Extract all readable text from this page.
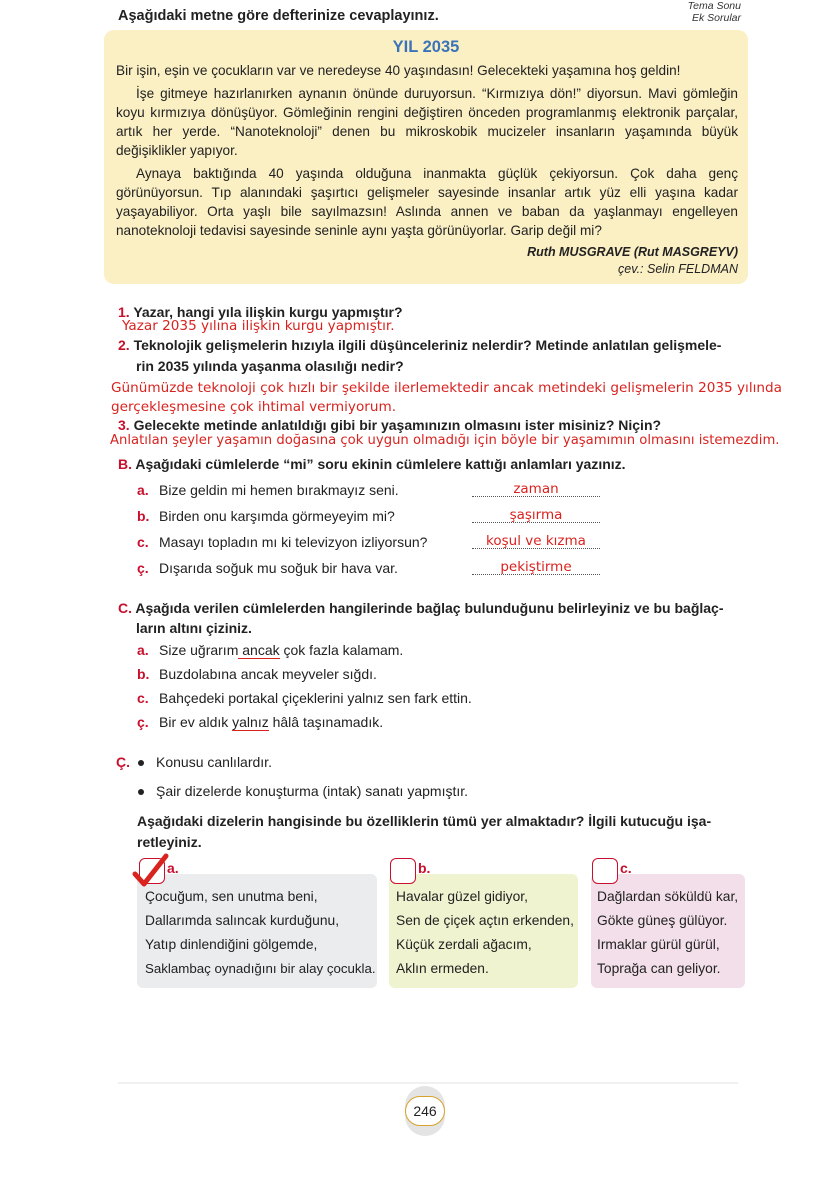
Aşağıdaki metne göre defterinize cevaplayınız.
Tema Sonu
Ek Sorular
YIL 2035
Bir işin, eşin ve çocukların var ve neredeyse 40 yaşındasın! Gelecekteki yaşamına hoş geldin!
İşe gitmeye hazırlanırken aynanın önünde duruyorsun. “Kırmızıya dön!” diyorsun. Mavi gömleğin koyu kırmızıya dönüşüyor. Gömleğinin rengini değiştiren önceden programlanmış elektronik parçalar, artık her yerde. “Nanoteknoloji” denen bu mikroskobik mucizeler insanların yaşamında büyük değişiklikler yapıyor.
Aynaya baktığında 40 yaşında olduğuna inanmakta güçlük çekiyorsun. Çok daha genç görünüyorsun. Tıp alanındaki şaşırtıcı gelişmeler sayesinde insanlar artık yüz elli yaşına kadar yaşayabiliyor. Orta yaşlı bile sayılmazsın! Aslında annen ve baban da yaşlanmayı engelleyen nanoteknoloji tedavisi sayesinde seninle aynı yaşta görünüyorlar. Garip değil mi?
Ruth MUSGRAVE (Rut MASGREYV)
çev.: Selin FELDMAN
1. Yazar, hangi yıla ilişkin kurgu yapmıştır?
Yazar 2035 yılına ilişkin kurgu yapmıştır.
2. Teknolojik gelişmelerin hızıyla ilgili düşünceleriniz nelerdir? Metinde anlatılan gelişmele-
rin 2035 yılında yaşanma olasılığı nedir?
Günümüzde teknoloji çok hızlı bir şekilde ilerlemektedir ancak metindeki gelişmelerin 2035 yılında
gerçekleşmesine çok ihtimal vermiyorum.
3. Gelecekte metinde anlatıldığı gibi bir yaşamınızın olmasını ister misiniz? Niçin?
Anlatılan şeyler yaşamın doğasına çok uygun olmadığı için böyle bir yaşamımın olmasını istemezdim.
B. Aşağıdaki cümlelerde “mi” soru ekinin cümlelere kattığı anlamları yazınız.
a. Bize geldin mi hemen bırakmayız seni.	zaman
b. Birden onu karşımda görmeyeyim mi?	şaşırma
c. Masayı topladın mı ki televizyon izliyorsun?	koşul ve kızma
ç. Dışarıda soğuk mu soğuk bir hava var.	pekiştirme
C. Aşağıda verilen cümlelerden hangilerinde bağlaç bulunduğunu belirleyiniz ve bu bağlaç-
ların altını çiziniz.
a. Size uğrarım ancak çok fazla kalamam.
b. Buzdolabına ancak meyveler sığdı.
c. Bahçedeki portakal çiçeklerini yalnız sen fark ettin.
ç. Bir ev aldık yalnız hâlâ taşınamadık.
Ç. Konusu canlılardır.
Şair dizelerde konuşturma (intak) sanatı yapmıştır.
Aşağıdaki dizelerin hangisinde bu özelliklerin tümü yer almaktadır? İlgili kutucuğu işa-
retleyiniz.
a.	b.	c.
Çocuğum, sen unutma beni,
Dallarımda salıncak kurduğunu,
Yatıp dinlendiğini gölgemde,
Saklambaç oynadığını bir alay çocukla.
Havalar güzel gidiyor,
Sen de çiçek açtın erkenden,
Küçük zerdali ağacım,
Aklın ermeden.
Dağlardan söküldü kar,
Gökte güneş gülüyor.
Irmaklar gürül gürül,
Toprağa can geliyor.
246
